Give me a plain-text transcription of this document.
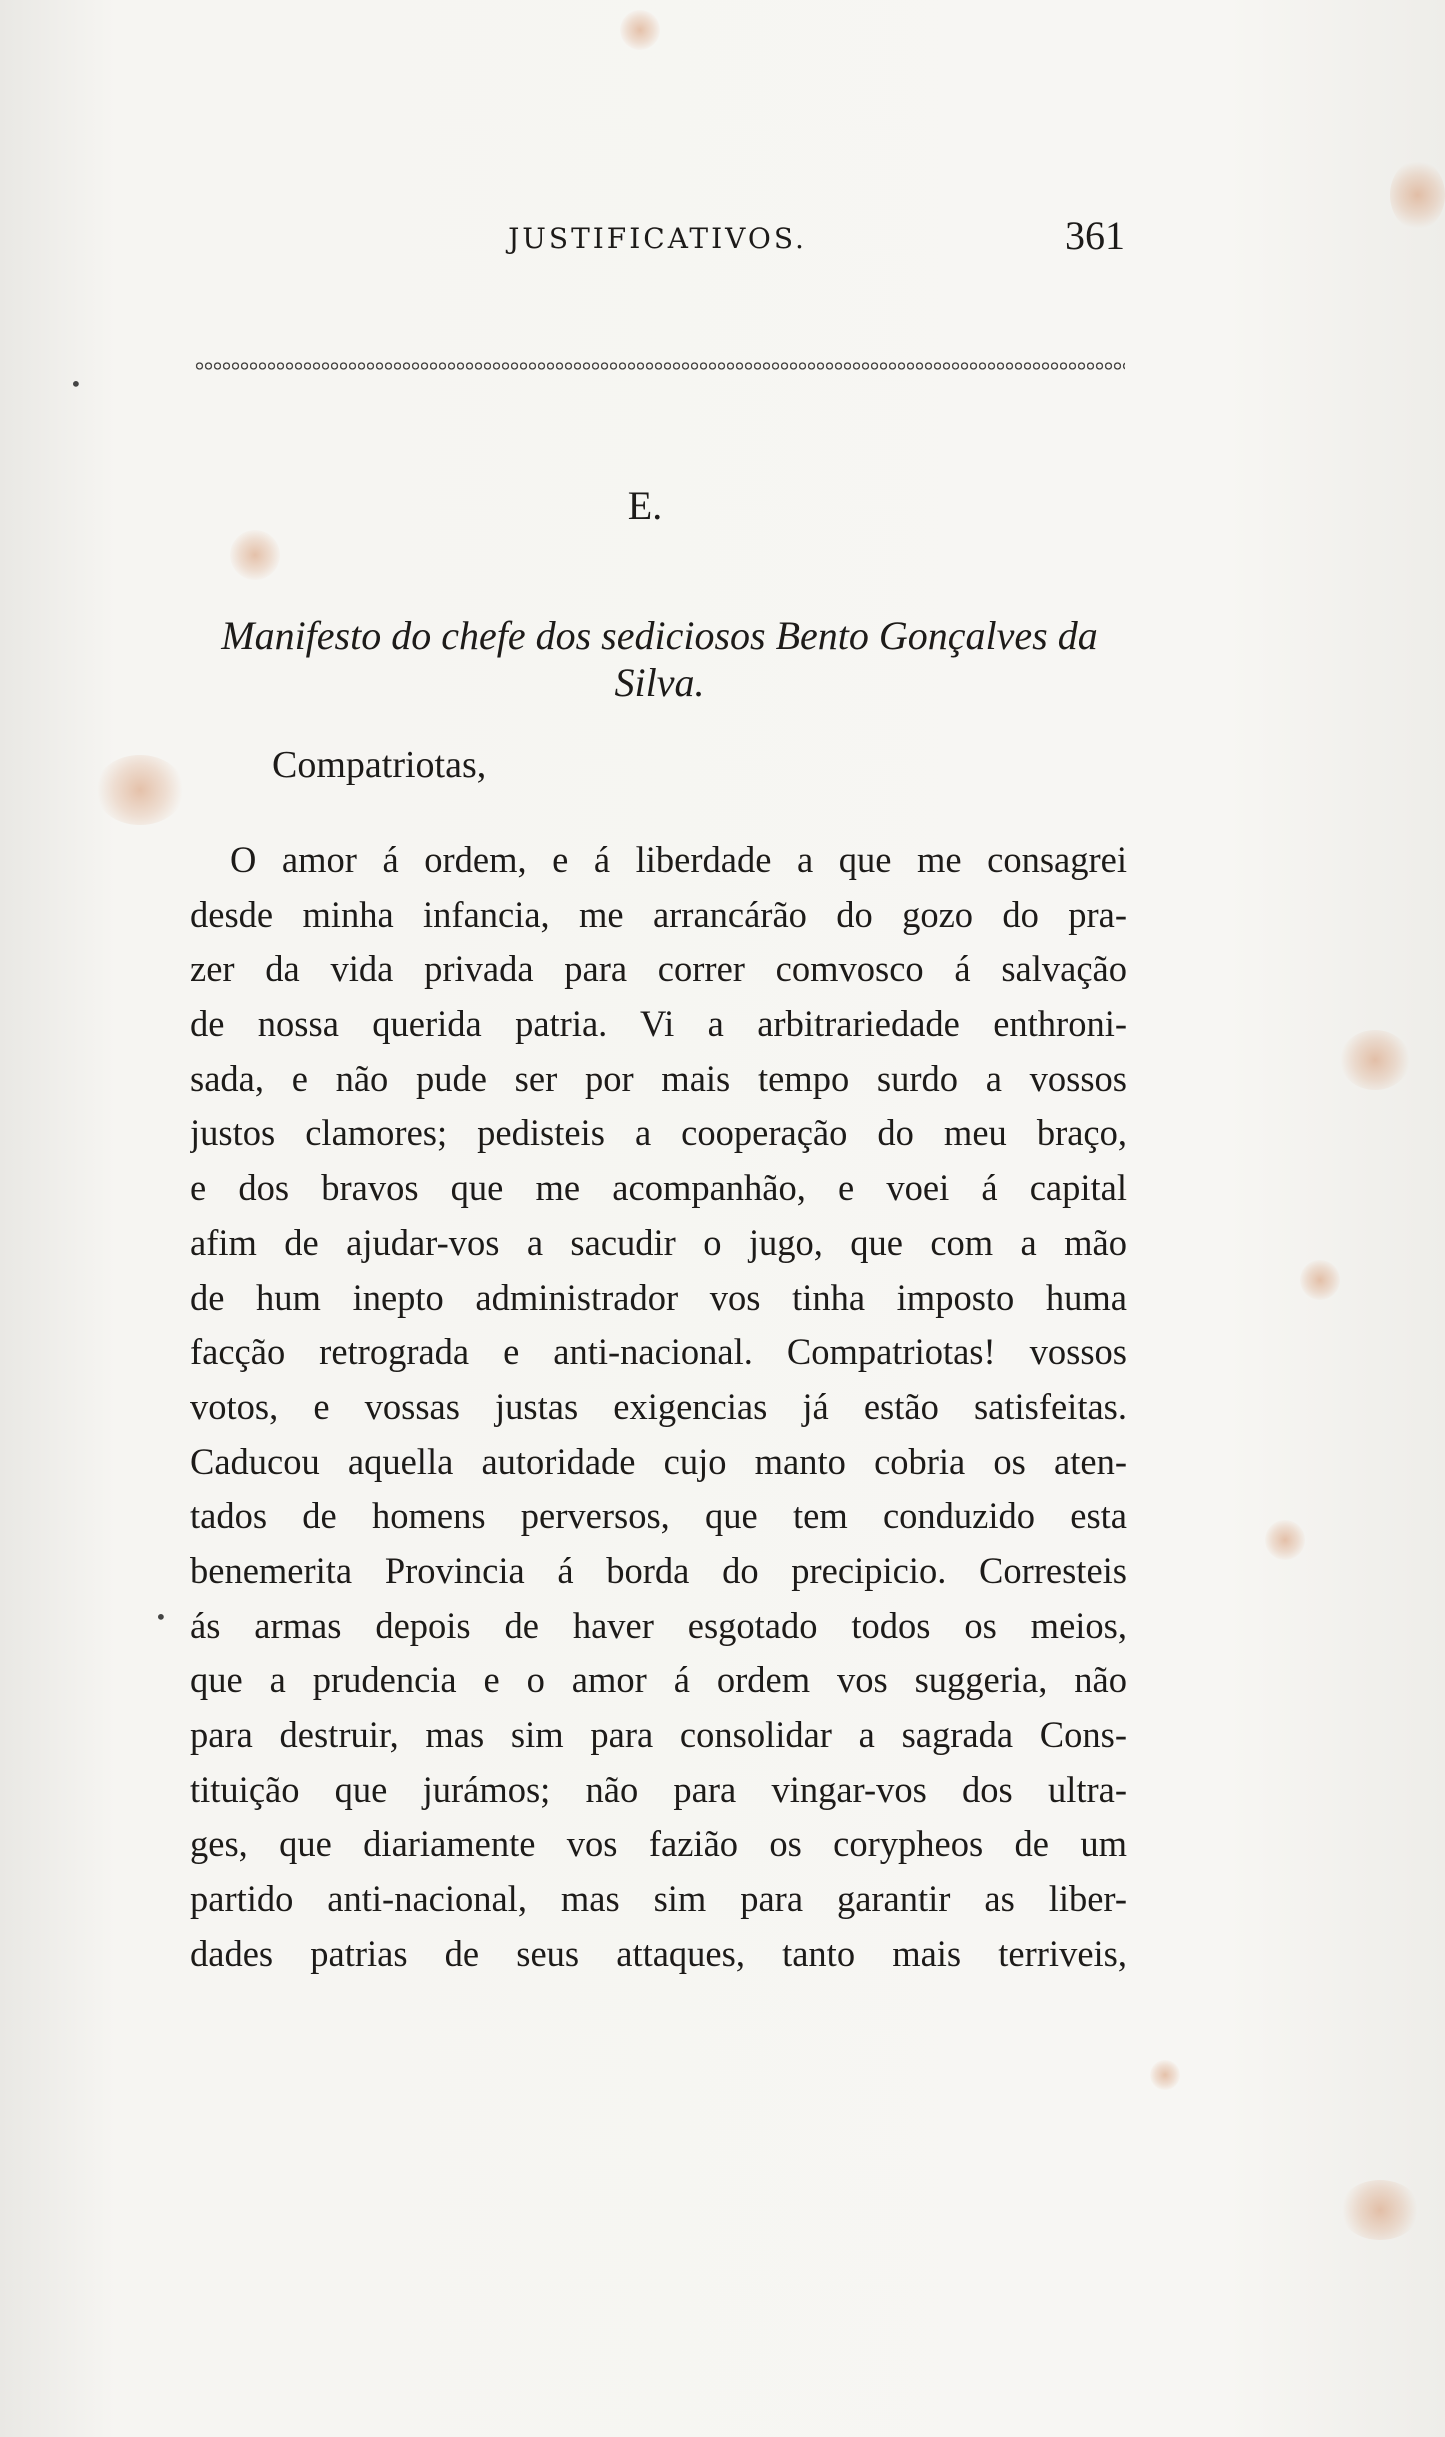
•
•
JUSTIFICATIVOS.	361
E.
Manifesto do chefe dos sediciosos Bento Gonçalves da Silva.
Compatriotas,
O amor á ordem, e á liberdade a que me consagrei
desde minha infancia, me arrancárão do gozo do pra-
zer da vida privada para correr comvosco á salvação
de nossa querida patria. Vi a arbitrariedade enthroni-
sada, e não pude ser por mais tempo surdo a vossos
justos clamores; pedisteis a cooperação do meu braço,
e dos bravos que me acompanhão, e voei á capital
afim de ajudar-vos a sacudir o jugo, que com a mão
de hum inepto administrador vos tinha imposto huma
facção retrograda e anti-nacional. Compatriotas! vossos
votos, e vossas justas exigencias já estão satisfeitas.
Caducou aquella autoridade cujo manto cobria os aten-
tados de homens perversos, que tem conduzido esta
benemerita Provincia á borda do precipicio. Corresteis
ás armas depois de haver esgotado todos os meios,
que a prudencia e o amor á ordem vos suggeria, não
para destruir, mas sim para consolidar a sagrada Cons-
tituição que jurámos; não para vingar-vos dos ultra-
ges, que diariamente vos fazião os corypheos de um
partido anti-nacional, mas sim para garantir as liber-
dades patrias de seus attaques, tanto mais terriveis,
